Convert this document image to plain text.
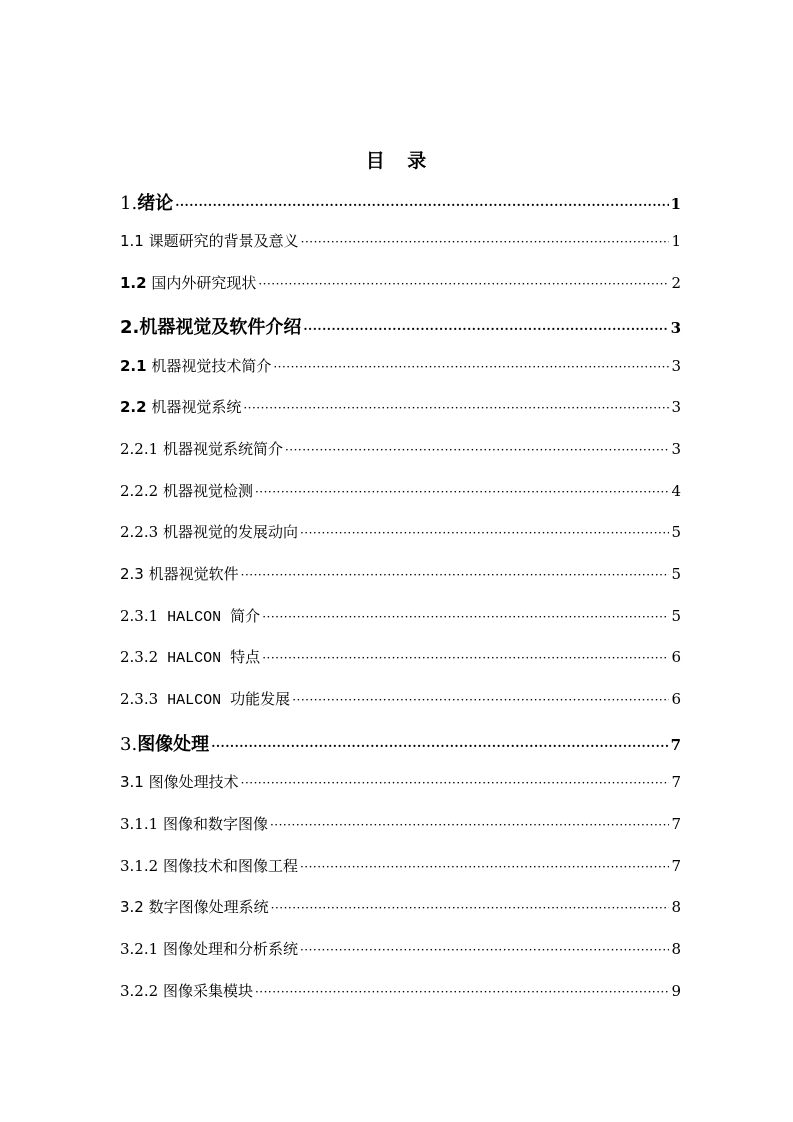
目 录
1.绪论 ·····	1
1.1 课题研究的背景及意义 ·····	1
1.2 国内外研究现状 ·····	2
2.机器视觉及软件介绍 ·····	3
2.1 机器视觉技术简介 ·····	3
2.2 机器视觉系统 ·····	3
2.2.1 机器视觉系统简介 ·····	3
2.2.2 机器视觉检测 ·····	4
2.2.3 机器视觉的发展动向 ·····	5
2.3 机器视觉软件 ·····	5
2.3.1 HALCON 简介 ·····	5
2.3.2 HALCON 特点 ·····	6
2.3.3 HALCON 功能发展 ·····	6
3.图像处理 ·····	7
3.1 图像处理技术 ·····	7
3.1.1 图像和数字图像 ·····	7
3.1.2 图像技术和图像工程 ·····	7
3.2 数字图像处理系统 ·····	8
3.2.1 图像处理和分析系统 ·····	8
3.2.2 图像采集模块 ·····	9
